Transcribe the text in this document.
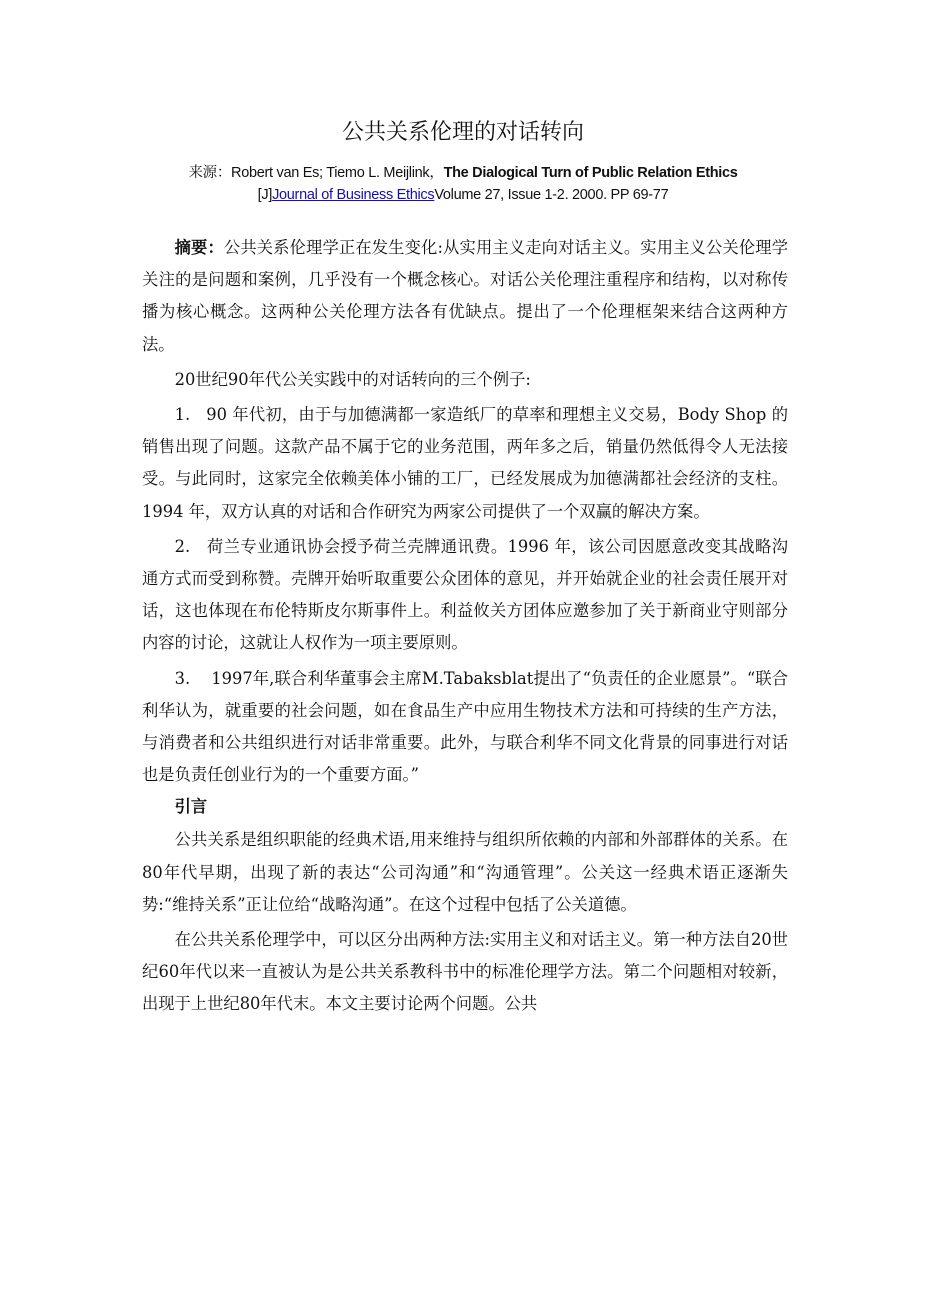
公共关系伦理的对话转向
来源：Robert van Es; Tiemo L. Meijlink，The Dialogical Turn of Public Relation Ethics
[J]Journal of Business EthicsVolume 27, Issue 1-2. 2000. PP 69-77

摘要：公共关系伦理学正在发生变化:从实用主义走向对话主义。实用主义公关伦理学关注的是问题和案例，几乎没有一个概念核心。对话公关伦理注重程序和结构，以对称传播为核心概念。这两种公关伦理方法各有优缺点。提出了一个伦理框架来结合这两种方法。

20世纪90年代公关实践中的对话转向的三个例子:

1.   90 年代初，由于与加德满都一家造纸厂的草率和理想主义交易，Body Shop 的销售出现了问题。这款产品不属于它的业务范围，两年多之后，销量仍然低得令人无法接受。与此同时，这家完全依赖美体小铺的工厂，已经发展成为加德满都社会经济的支柱。1994 年，双方认真的对话和合作研究为两家公司提供了一个双赢的解决方案。

2.   荷兰专业通讯协会授予荷兰壳牌通讯费。1996 年，该公司因愿意改变其战略沟通方式而受到称赞。壳牌开始听取重要公众团体的意见，并开始就企业的社会责任展开对话，这也体现在布伦特斯皮尔斯事件上。利益攸关方团体应邀参加了关于新商业守则部分内容的讨论，这就让人权作为一项主要原则。

3.    1997年,联合利华董事会主席M.Tabaksblat提出了“负责任的企业愿景”。“联合利华认为，就重要的社会问题，如在食品生产中应用生物技术方法和可持续的生产方法，与消费者和公共组织进行对话非常重要。此外，与联合利华不同文化背景的同事进行对话也是负责任创业行为的一个重要方面。”

引言

公共关系是组织职能的经典术语,用来维持与组织所依赖的内部和外部群体的关系。在80年代早期，出现了新的表达“公司沟通”和“沟通管理”。公关这一经典术语正逐渐失势:“维持关系”正让位给“战略沟通”。在这个过程中包括了公关道德。

在公共关系伦理学中，可以区分出两种方法:实用主义和对话主义。第一种方法自20世纪60年代以来一直被认为是公共关系教科书中的标准伦理学方法。第二个问题相对较新，出现于上世纪80年代末。本文主要讨论两个问题。公共
